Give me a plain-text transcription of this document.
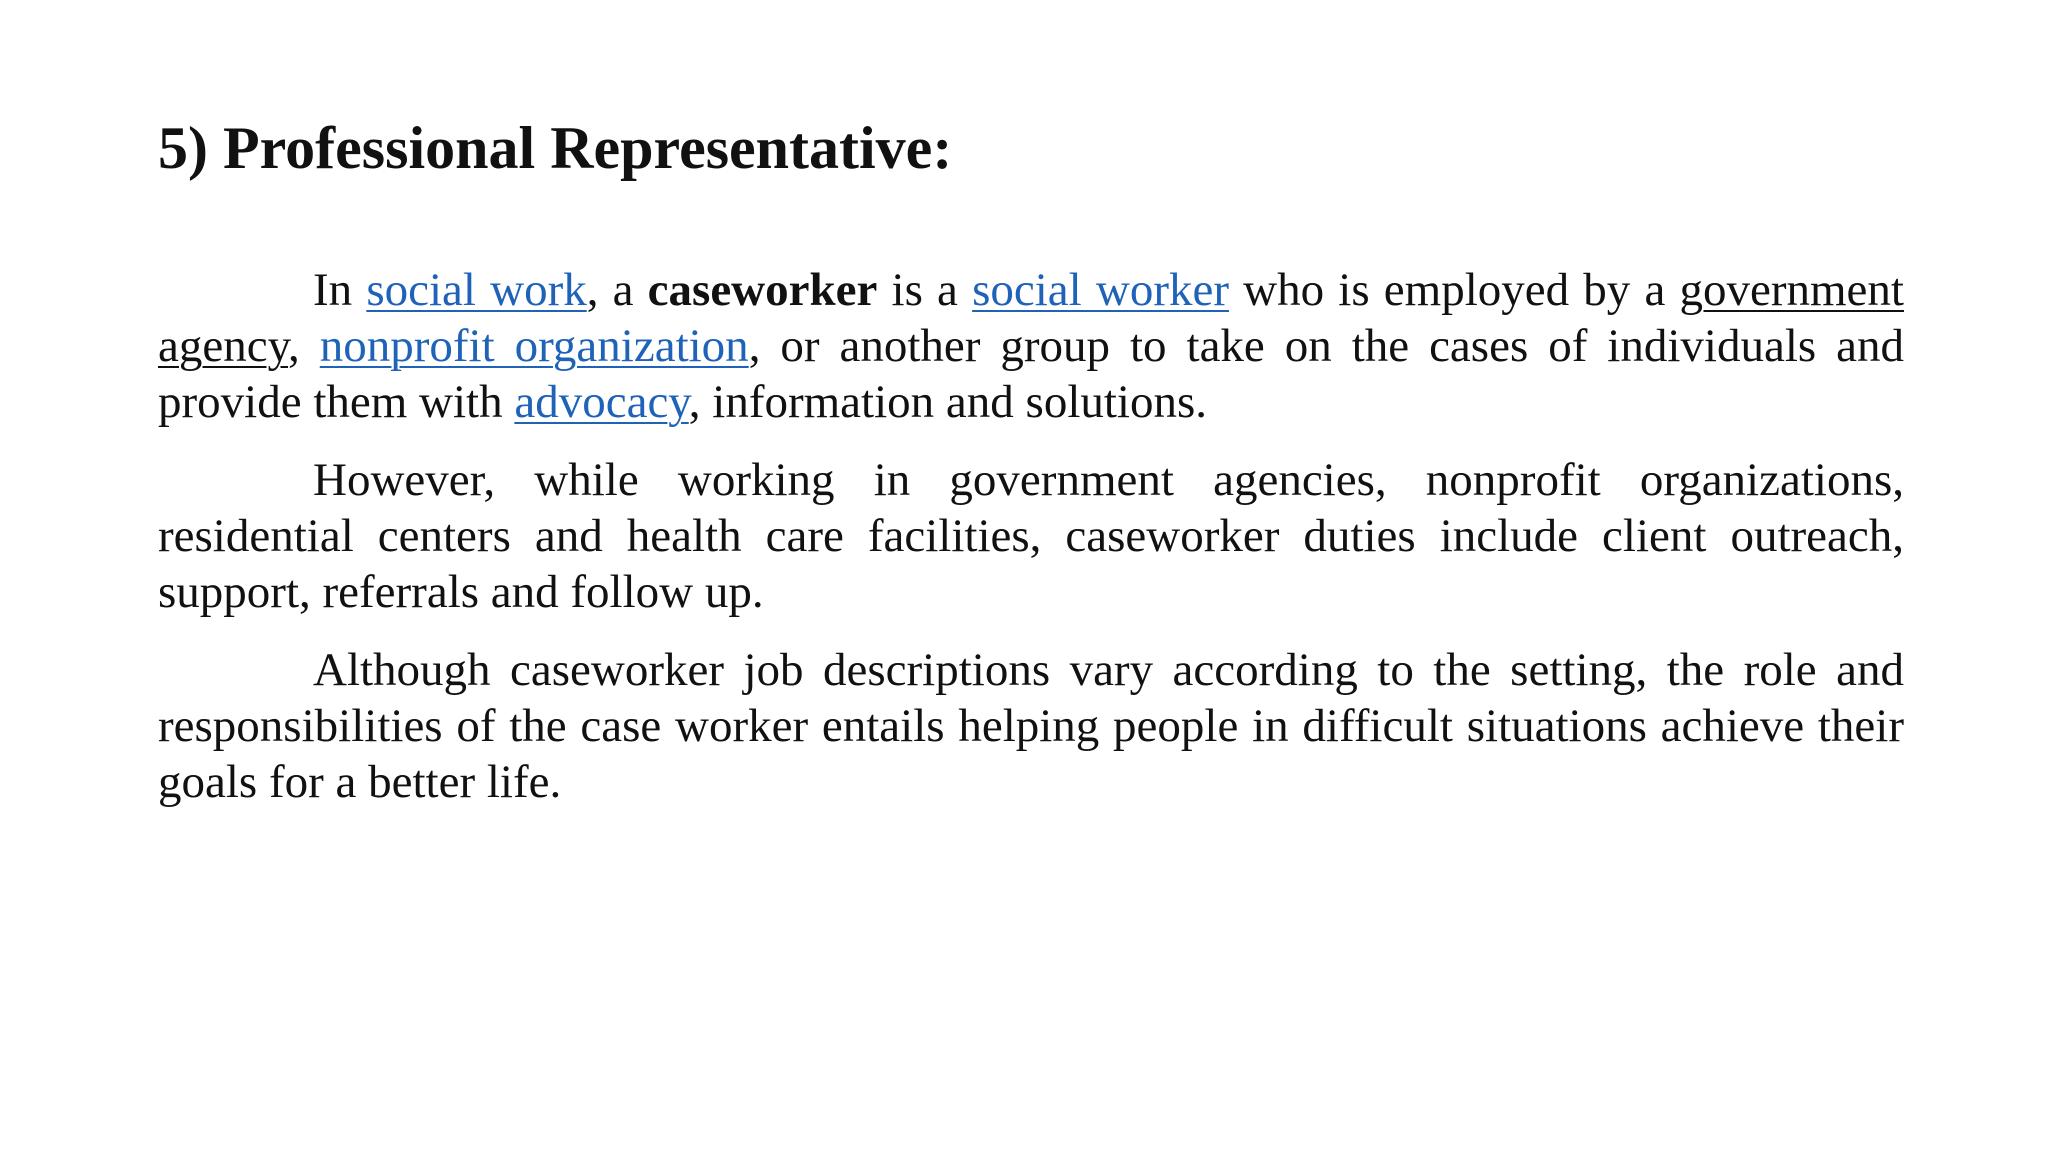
5) Professional Representative:

In social work, a caseworker is a social worker who is employed by a government agency, nonprofit organization, or another group to take on the cases of individuals and provide them with advocacy, information and solutions.

However, while working in government agencies, nonprofit organizations, residential centers and health care facilities, caseworker duties include client outreach, support, referrals and follow up.

Although caseworker job descriptions vary according to the setting, the role and responsibilities of the case worker entails helping people in difficult situations achieve their goals for a better life.
